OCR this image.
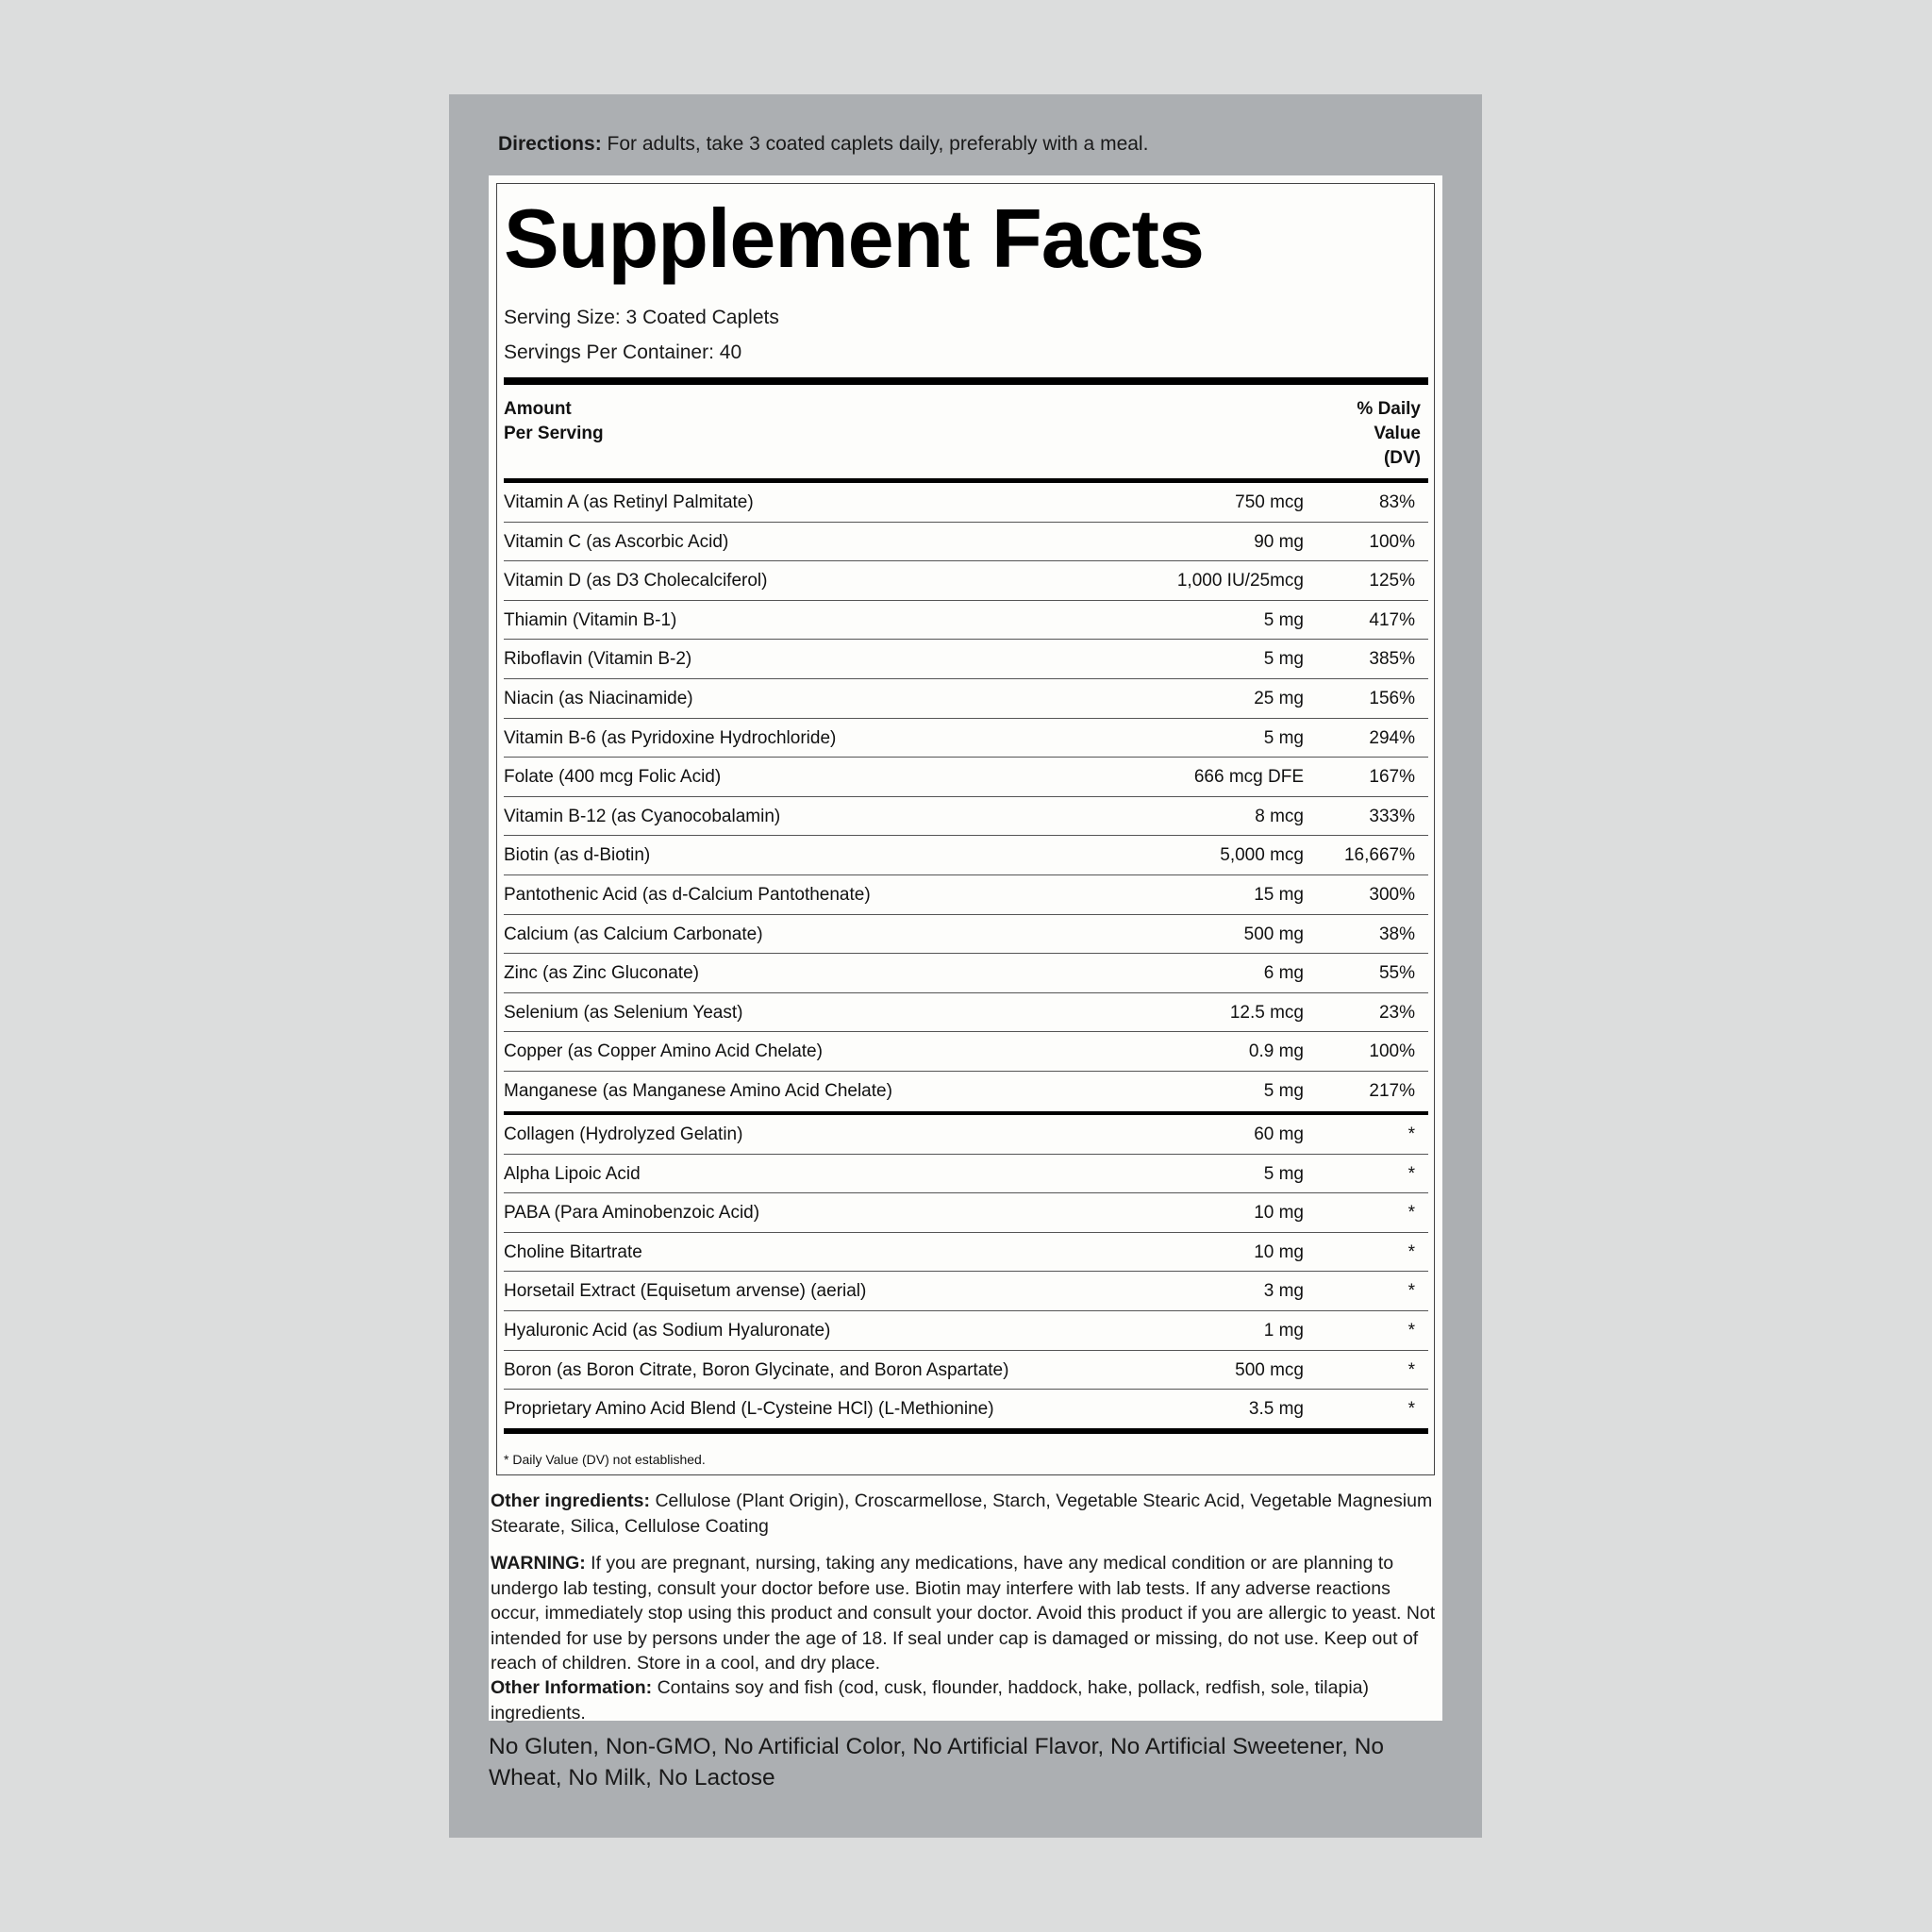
Directions: For adults, take 3 coated caplets daily, preferably with a meal.
Supplement Facts
Serving Size: 3 Coated Caplets
Servings Per Container: 40
Amount
Per Serving
% Daily
Value
(DV)
Vitamin A (as Retinyl Palmitate)	750 mcg	83%
Vitamin C (as Ascorbic Acid)	90 mg	100%
Vitamin D (as D3 Cholecalciferol)	1,000 IU/25mcg	125%
Thiamin (Vitamin B-1)	5 mg	417%
Riboflavin (Vitamin B-2)	5 mg	385%
Niacin (as Niacinamide)	25 mg	156%
Vitamin B-6 (as Pyridoxine Hydrochloride)	5 mg	294%
Folate (400 mcg Folic Acid)	666 mcg DFE	167%
Vitamin B-12 (as Cyanocobalamin)	8 mcg	333%
Biotin (as d-Biotin)	5,000 mcg 16,667%
Pantothenic Acid (as d-Calcium Pantothenate)	15 mg	300%
Calcium (as Calcium Carbonate)	500 mg	38%
Zinc (as Zinc Gluconate)	6 mg	55%
Selenium (as Selenium Yeast)	12.5 mcg	23%
Copper (as Copper Amino Acid Chelate)	0.9 mg	100%
Manganese (as Manganese Amino Acid Chelate)	5 mg	217%
Collagen (Hydrolyzed Gelatin)	60 mg	*
Alpha Lipoic Acid	5 mg	*
PABA (Para Aminobenzoic Acid)	10 mg	*
Choline Bitartrate	10 mg	*
Horsetail Extract (Equisetum arvense) (aerial)	3 mg	*
Hyaluronic Acid (as Sodium Hyaluronate)	1 mg	*
Boron (as Boron Citrate, Boron Glycinate, and Boron Aspartate)	500 mcg	*
Proprietary Amino Acid Blend (L-Cysteine HCl) (L-Methionine)	3.5 mg	*
* Daily Value (DV) not established.
Other ingredients: Cellulose (Plant Origin), Croscarmellose, Starch, Vegetable Stearic Acid, Vegetable Magnesium Stearate, Silica, Cellulose Coating
WARNING: If you are pregnant, nursing, taking any medications, have any medical condition or are planning to undergo lab testing, consult your doctor before use. Biotin may interfere with lab tests. If any adverse reactions occur, immediately stop using this product and consult your doctor. Avoid this product if you are allergic to yeast. Not intended for use by persons under the age of 18. If seal under cap is damaged or missing, do not use. Keep out of reach of children. Store in a cool, and dry place.
Other Information: Contains soy and fish (cod, cusk, flounder, haddock, hake, pollack, redfish, sole, tilapia) ingredients.
No Gluten, Non-GMO, No Artificial Color, No Artificial Flavor, No Artificial Sweetener, No Wheat, No Milk, No Lactose
